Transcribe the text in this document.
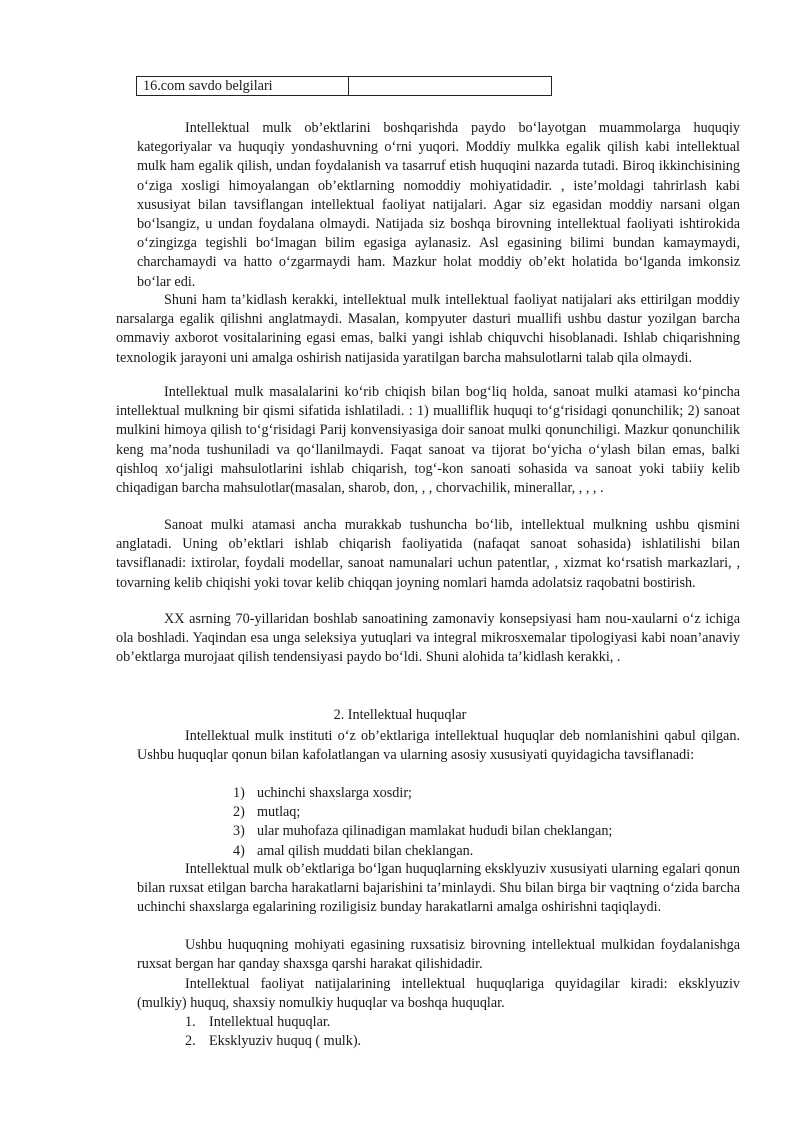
16.com savdo belgilari

Intellektual mulk ob’ektlarini boshqarishda paydo bo‘layotgan muammolarga huquqiy kategoriyalar va huquqiy yondashuvning o‘rni yuqori. Moddiy mulkka egalik qilish kabi intellektual mulk ham egalik qilish, undan foydalanish va tasarruf etish huquqini nazarda tutadi. Biroq ikkinchisining o‘ziga xosligi himoyalangan ob’ektlarning nomoddiy mohiyatidadir. , iste’moldagi tahrirlash kabi xususiyat bilan tavsiflangan intellektual faoliyat natijalari. Agar siz egasidan moddiy narsani olgan bo‘lsangiz, u undan foydalana olmaydi. Natijada siz boshqa birovning intellektual faoliyati ishtirokida o‘zingizga tegishli bo‘lmagan bilim egasiga aylanasiz. Asl egasining bilimi bundan kamaymaydi, charchamaydi va hatto o‘zgarmaydi ham. Mazkur holat moddiy ob’ekt holatida bo‘lganda imkonsiz bo‘lar edi.

Shuni ham ta’kidlash kerakki, intellektual mulk intellektual faoliyat natijalari aks ettirilgan moddiy narsalarga egalik qilishni anglatmaydi. Masalan, kompyuter dasturi muallifi ushbu dastur yozilgan barcha ommaviy axborot vositalarining egasi emas, balki yangi ishlab chiquvchi hisoblanadi. Ishlab chiqarishning texnologik jarayoni uni amalga oshirish natijasida yaratilgan barcha mahsulotlarni talab qila olmaydi.

Intellektual mulk masalalarini ko‘rib chiqish bilan bog‘liq holda, sanoat mulki atamasi ko‘pincha intellektual mulkning bir qismi sifatida ishlatiladi. : 1) mualliflik huquqi to‘g‘risidagi qonunchilik; 2) sanoat mulkini himoya qilish to‘g‘risidagi Parij konvensiyasiga doir sanoat mulki qonunchiligi. Mazkur qonunchilik keng ma’noda tushuniladi va qo‘llanilmaydi. Faqat sanoat va tijorat bo‘yicha o‘ylash bilan emas, balki qishloq xo‘jaligi mahsulotlarini ishlab chiqarish, tog‘-kon sanoati sohasida va sanoat yoki tabiiy kelib chiqadigan barcha mahsulotlar(masalan, sharob, don, , , chorvachilik, minerallar, , , , .

Sanoat mulki atamasi ancha murakkab tushuncha bo‘lib, intellektual mulkning ushbu qismini anglatadi. Uning ob’ektlari ishlab chiqarish faoliyatida (nafaqat sanoat sohasida) ishlatilishi bilan tavsiflanadi: ixtirolar, foydali modellar, sanoat namunalari uchun patentlar, , xizmat ko‘rsatish markazlari, , tovarning kelib chiqishi yoki tovar kelib chiqqan joyning nomlari hamda adolatsiz raqobatni bostirish.

XX asrning 70-yillaridan boshlab sanoatining zamonaviy konsepsiyasi ham nou-xaularni o‘z ichiga ola boshladi. Yaqindan esa unga seleksiya yutuqlari va integral mikrosxemalar tipologiyasi kabi noan’anaviy ob’ektlarga murojaat qilish tendensiyasi paydo bo‘ldi. Shuni alohida ta’kidlash kerakki, .

2. Intellektual huquqlar

Intellektual mulk instituti o‘z ob’ektlariga intellektual huquqlar deb nomlanishini qabul qilgan. Ushbu huquqlar qonun bilan kafolatlangan va ularning asosiy xususiyati quyidagicha tavsiflanadi:

1) uchinchi shaxslarga xosdir;
2) mutlaq;
3) ular muhofaza qilinadigan mamlakat hududi bilan cheklangan;
4) amal qilish muddati bilan cheklangan.

Intellektual mulk ob’ektlariga bo‘lgan huquqlarning eksklyuziv xususiyati ularning egalari qonun bilan ruxsat etilgan barcha harakatlarni bajarishini ta’minlaydi. Shu bilan birga bir vaqtning o‘zida barcha uchinchi shaxslarga egalarining roziligisiz bunday harakatlarni amalga oshirishni taqiqlaydi.

Ushbu huquqning mohiyati egasining ruxsatisiz birovning intellektual mulkidan foydalanishga ruxsat bergan har qanday shaxsga qarshi harakat qilishidadir.

Intellektual faoliyat natijalarining intellektual huquqlariga quyidagilar kiradi: eksklyuziv (mulkiy) huquq, shaxsiy nomulkiy huquqlar va boshqa huquqlar.

1. Intellektual huquqlar.
2. Eksklyuziv huquq ( mulk).
